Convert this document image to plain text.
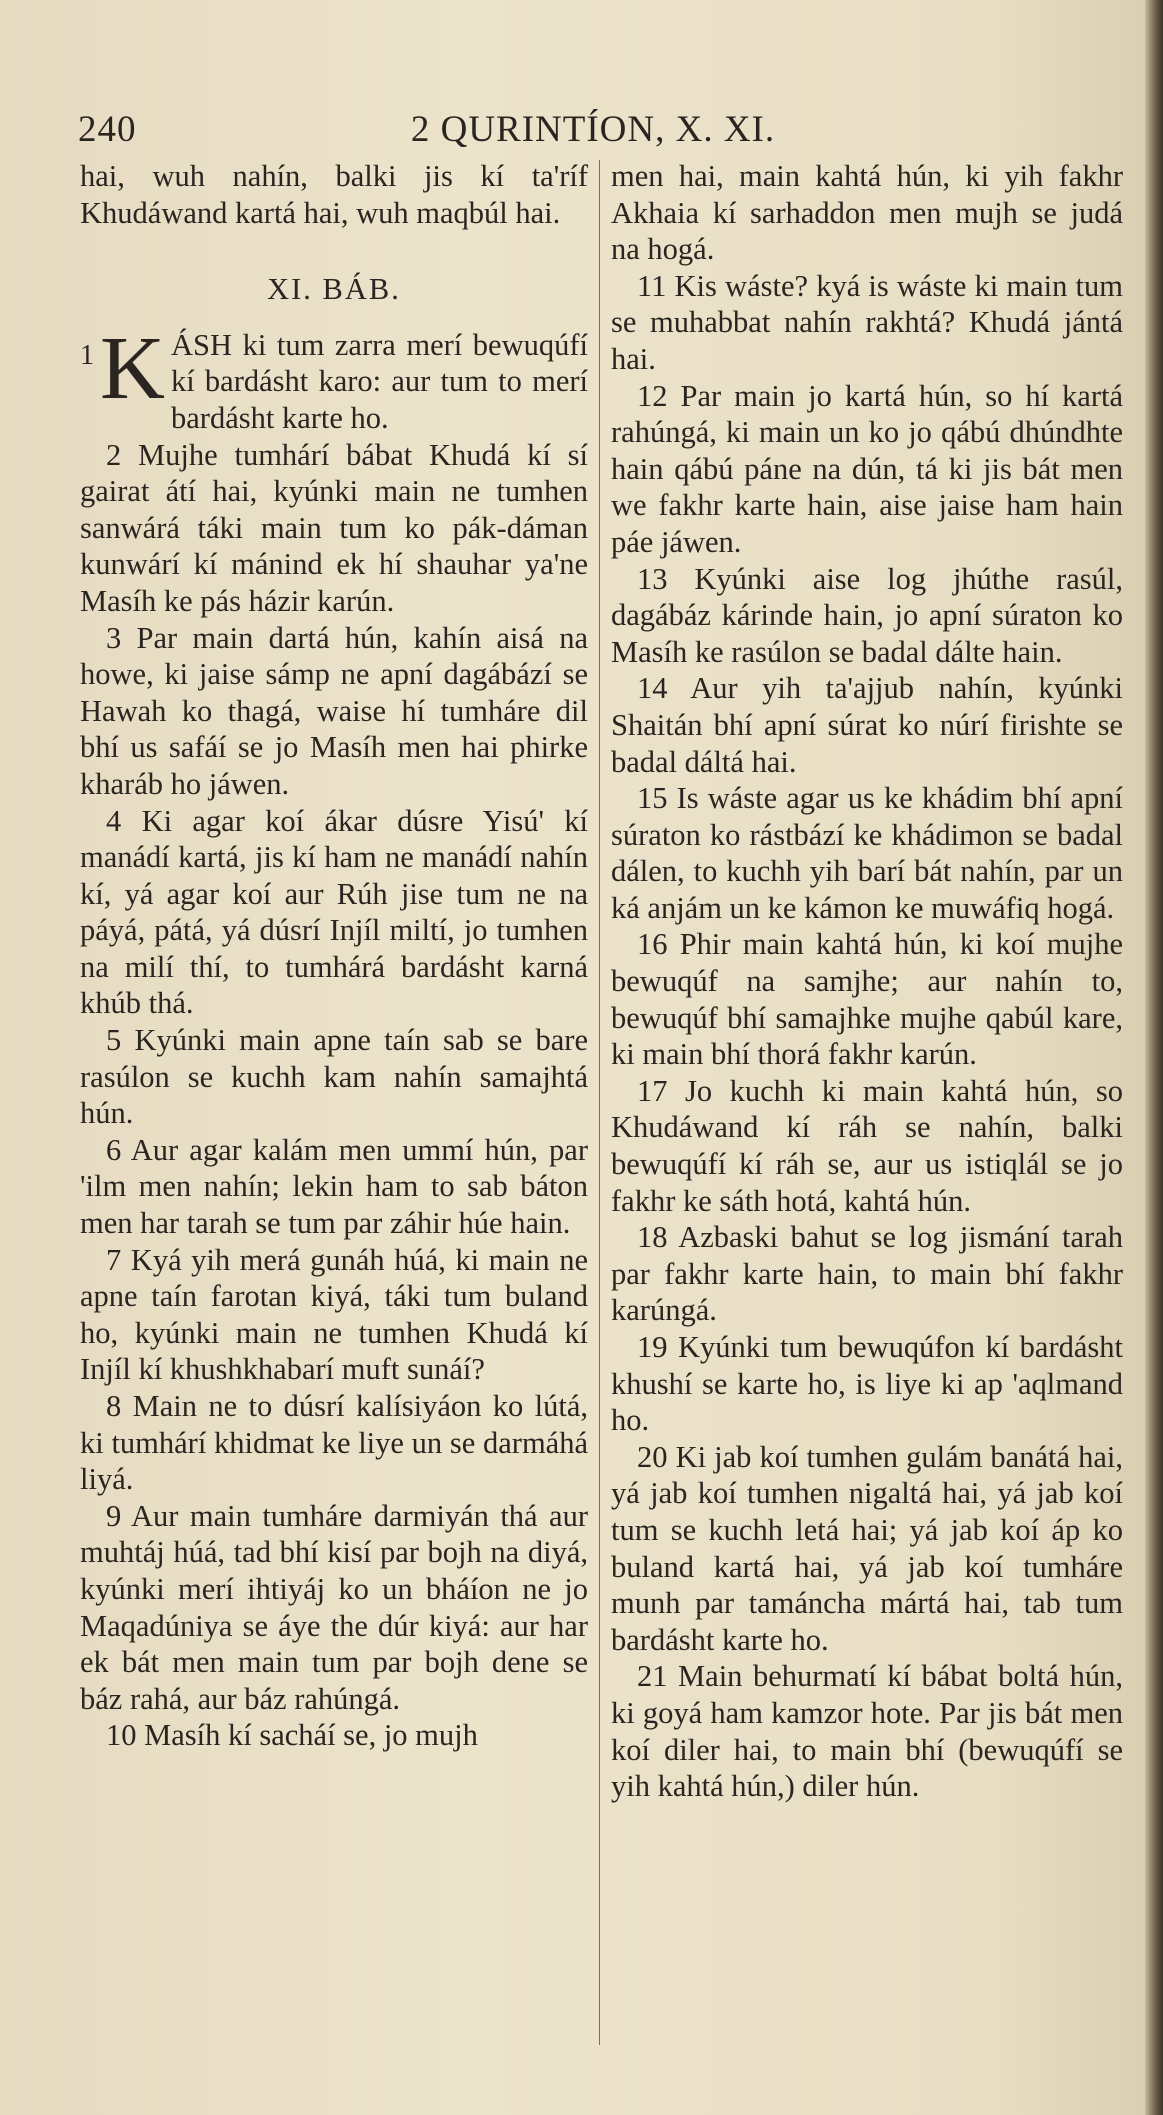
240	2 QURINTÍON, X. XI.

hai, wuh nahín, balki jis kí ta'ríf Khudáwand kartá hai, wuh maqbúl hai.

XI. BÁB.

1 K ÁSH ki tum zarra merí bewuqúfí kí bardásht karo: aur tum to merí bardásht karte ho.

2 Mujhe tumhárí bábat Khudá kí sí gairat átí hai, kyúnki main ne tumhen sanwárá táki main tum ko pák-dáman kunwárí kí mánind ek hí shauhar ya'ne Masíh ke pás házir karún.

3 Par main dartá hún, kahín aisá na howe, ki jaise sámp ne apní dagábází se Hawah ko thagá, waise hí tumháre dil bhí us safáí se jo Masíh men hai phirke kharáb ho jáwen.

4 Ki agar koí ákar dúsre Yisú' kí manádí kartá, jis kí ham ne manádí nahín kí, yá agar koí aur Rúh jise tum ne na páyá, pátá, yá dúsrí Injíl miltí, jo tumhen na milí thí, to tumhárá bardásht karná khúb thá.

5 Kyúnki main apne taín sab se bare rasúlon se kuchh kam nahín samajhtá hún.

6 Aur agar kalám men ummí hún, par 'ilm men nahín; lekin ham to sab báton men har tarah se tum par záhir húe hain.

7 Kyá yih merá gunáh húá, ki main ne apne taín farotan kiyá, táki tum buland ho, kyúnki main ne tumhen Khudá kí Injíl kí khushkhabarí muft sunáí?

8 Main ne to dúsrí kalísiyáon ko lútá, ki tumhárí khidmat ke liye un se darmáhá liyá.

9 Aur main tumháre darmiyán thá aur muhtáj húá, tad bhí kisí par bojh na diyá, kyúnki merí ihtiyáj ko un bháíon ne jo Maqadúniya se áye the dúr kiyá: aur har ek bát men main tum par bojh dene se báz rahá, aur báz rahúngá.

10 Masíh kí sacháí se, jo mujh

men hai, main kahtá hún, ki yih fakhr Akhaia kí sarhaddon men mujh se judá na hogá.

11 Kis wáste? kyá is wáste ki main tum se muhabbat nahín rakhtá? Khudá jántá hai.

12 Par main jo kartá hún, so hí kartá rahúngá, ki main un ko jo qábú dhúndhte hain qábú páne na dún, tá ki jis bát men we fakhr karte hain, aise jaise ham hain páe jáwen.

13 Kyúnki aise log jhúthe rasúl, dagábáz kárinde hain, jo apní súraton ko Masíh ke rasúlon se badal dálte hain.

14 Aur yih ta'ajjub nahín, kyúnki Shaitán bhí apní súrat ko núrí firishte se badal dáltá hai.

15 Is wáste agar us ke khádim bhí apní súraton ko rástbází ke khádimon se badal dálen, to kuchh yih barí bát nahín, par un ká anjám un ke kámon ke muwáfiq hogá.

16 Phir main kahtá hún, ki koí mujhe bewuqúf na samjhe; aur nahín to, bewuqúf bhí samajhke mujhe qabúl kare, ki main bhí thorá fakhr karún.

17 Jo kuchh ki main kahtá hún, so Khudáwand kí ráh se nahín, balki bewuqúfí kí ráh se, aur us istiqlál se jo fakhr ke sáth hotá, kahtá hún.

18 Azbaski bahut se log jismání tarah par fakhr karte hain, to main bhí fakhr karúngá.

19 Kyúnki tum bewuqúfon kí bardásht khushí se karte ho, is liye ki ap 'aqlmand ho.

20 Ki jab koí tumhen gulám banátá hai, yá jab koí tumhen nigaltá hai, yá jab koí tum se kuchh letá hai; yá jab koí áp ko buland kartá hai, yá jab koí tumháre munh par tamáncha mártá hai, tab tum bardásht karte ho.

21 Main behurmatí kí bábat boltá hún, ki goyá ham kamzor hote. Par jis bát men koí diler hai, to main bhí (bewuqúfí se yih kahtá hún,) diler hún.
